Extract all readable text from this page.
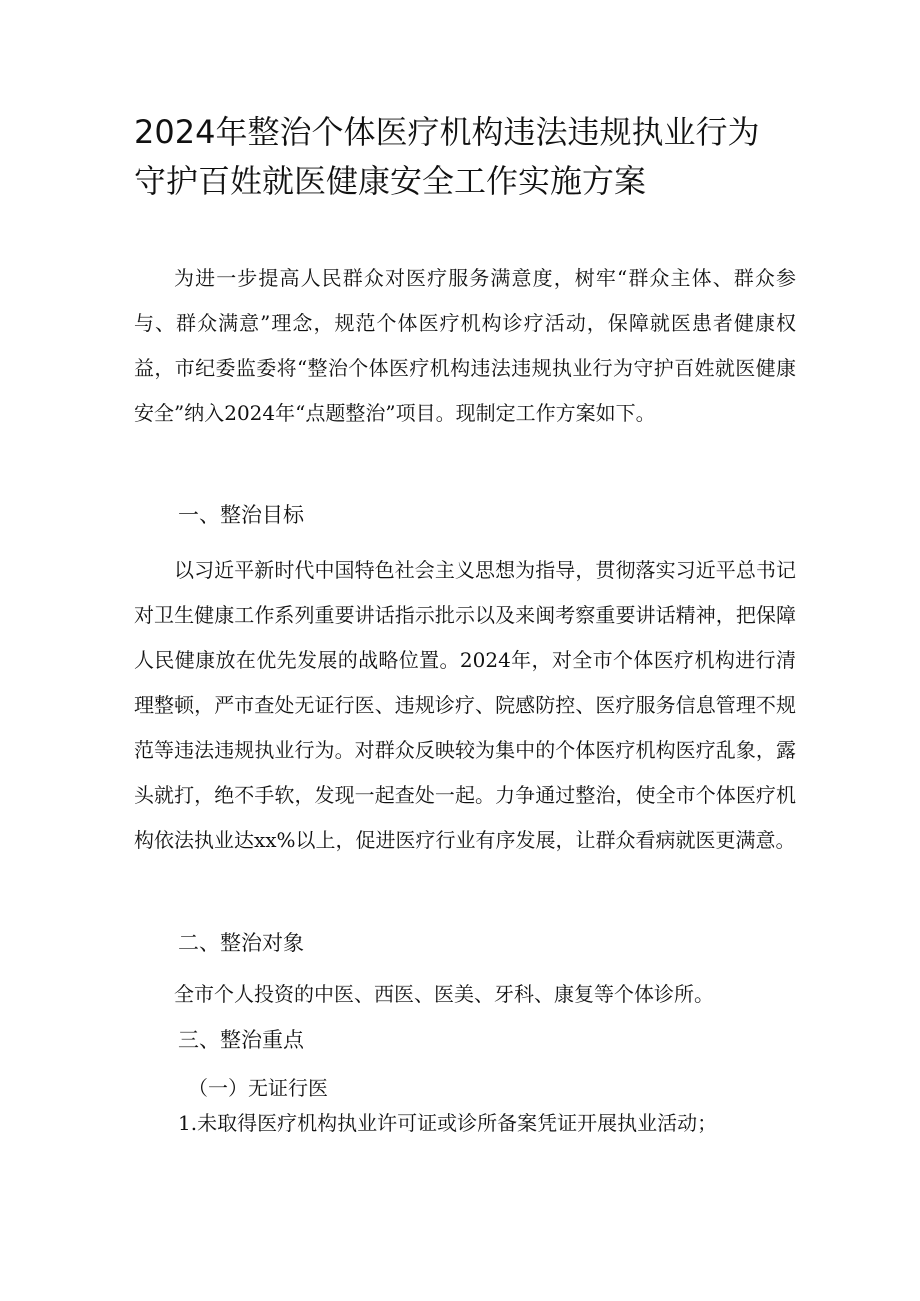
2024年整治个体医疗机构违法违规执业行为
守护百姓就医健康安全工作实施方案

为进一步提高人民群众对医疗服务满意度，树牢“群众主体、群众参与、群众满意”理念，规范个体医疗机构诊疗活动，保障就医患者健康权益，市纪委监委将“整治个体医疗机构违法违规执业行为守护百姓就医健康安全”纳入2024年“点题整治”项目。现制定工作方案如下。

一、整治目标

以习近平新时代中国特色社会主义思想为指导，贯彻落实习近平总书记对卫生健康工作系列重要讲话指示批示以及来闽考察重要讲话精神，把保障人民健康放在优先发展的战略位置。2024年，对全市个体医疗机构进行清理整顿，严市查处无证行医、违规诊疗、院感防控、医疗服务信息管理不规范等违法违规执业行为。对群众反映较为集中的个体医疗机构医疗乱象，露头就打，绝不手软，发现一起查处一起。力争通过整治，使全市个体医疗机构依法执业达xx%以上，促进医疗行业有序发展，让群众看病就医更满意。

二、整治对象

全市个人投资的中医、西医、医美、牙科、康复等个体诊所。

三、整治重点

（一）无证行医

1.未取得医疗机构执业许可证或诊所备案凭证开展执业活动；
